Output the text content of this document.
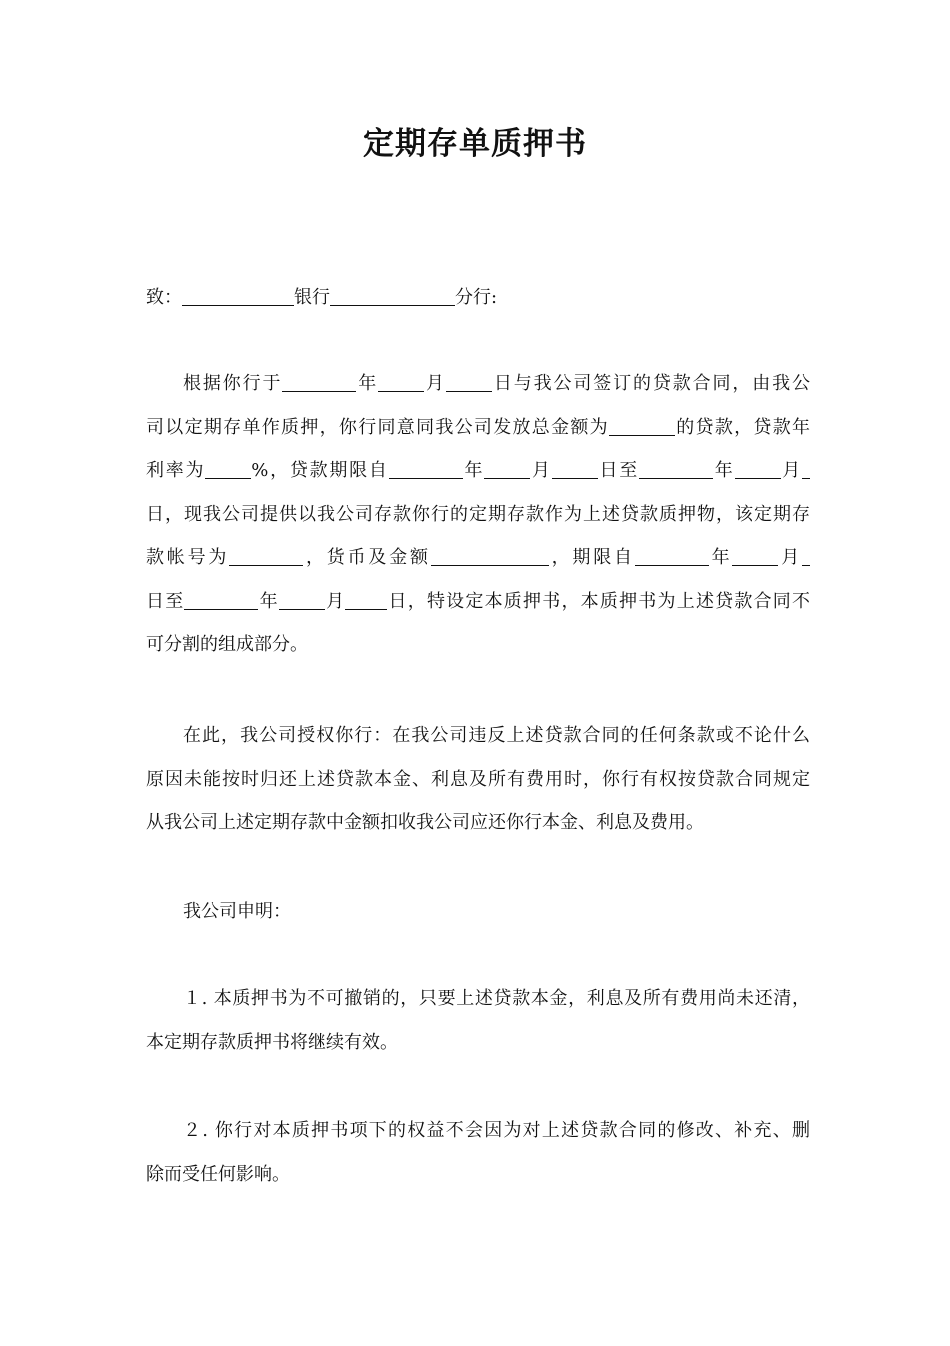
定期存单质押书
致：	银行	分行:
根据你行于	年	月	日与我公司签订的贷款合同，由我公
司以定期存单作质押，你行同意同我公司发放总金额为	的贷款，贷款年
利率为	%，贷款期限自	年	月	日至	年	月
日，现我公司提供以我公司存款你行的定期存款作为上述贷款质押物，该定期存
款帐号为	，货币及金额	，期限自	年	月
日至	年	月 日，特设定本质押书，本质押书为上述贷款合同不
可分割的组成部分。
在此，我公司授权你行：在我公司违反上述贷款合同的任何条款或不论什么
原因未能按时归还上述贷款本金、利息及所有费用时，你行有权按贷款合同规定
从我公司上述定期存款中金额扣收我公司应还你行本金、利息及费用。
我公司申明：
１. 本质押书为不可撤销的，只要上述贷款本金，利息及所有费用尚未还清，
本定期存款质押书将继续有效。
２. 你行对本质押书项下的权益不会因为对上述贷款合同的修改、补充、删
除而受任何影响。
